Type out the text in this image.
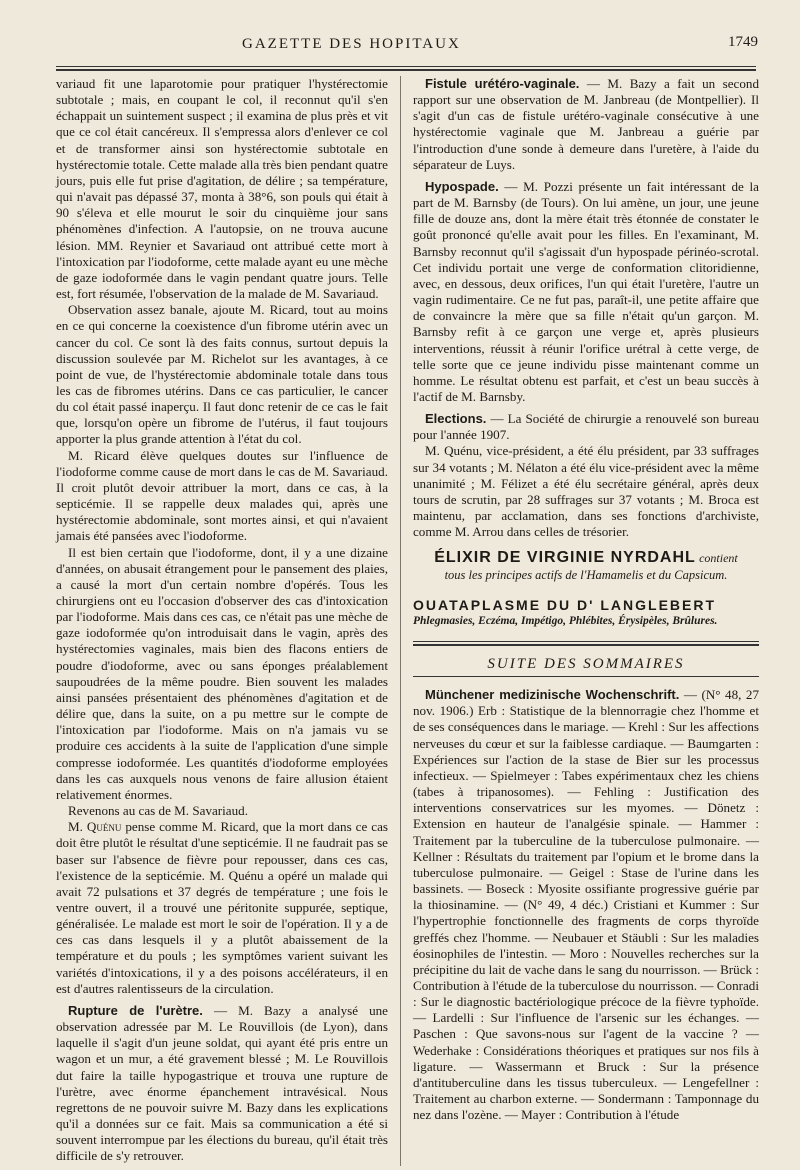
GAZETTE DES HOPITAUX	1749

variaud fit une laparotomie pour pratiquer l'hystérectomie subtotale ; mais, en coupant le col, il reconnut qu'il s'en échappait un suintement suspect ; il examina de plus près et vit que ce col était cancéreux. Il s'empressa alors d'enlever ce col et de transformer ainsi son hystérectomie subtotale en hystérectomie totale. Cette malade alla très bien pendant quatre jours, puis elle fut prise d'agitation, de délire ; sa température, qui n'avait pas dépassé 37, monta à 38°6, son pouls qui était à 90 s'éleva et elle mourut le soir du cinquième jour sans phénomènes d'infection. A l'autopsie, on ne trouva aucune lésion. MM. Reynier et Savariaud ont attribué cette mort à l'intoxication par l'iodoforme, cette malade ayant eu une mèche de gaze iodoformée dans le vagin pendant quatre jours. Telle est, fort résumée, l'observation de la malade de M. Savariaud.

Observation assez banale, ajoute M. Ricard, tout au moins en ce qui concerne la coexistence d'un fibrome utérin avec un cancer du col. Ce sont là des faits connus, surtout depuis la discussion soulevée par M. Richelot sur les avantages, à ce point de vue, de l'hystérectomie abdominale totale dans tous les cas de fibromes utérins. Dans ce cas particulier, le cancer du col était passé inaperçu. Il faut donc retenir de ce cas le fait que, lorsqu'on opère un fibrome de l'utérus, il faut toujours apporter la plus grande attention à l'état du col.

M. Ricard élève quelques doutes sur l'influence de l'iodoforme comme cause de mort dans le cas de M. Savariaud. Il croit plutôt devoir attribuer la mort, dans ce cas, à la septicémie. Il se rappelle deux malades qui, après une hystérectomie abdominale, sont mortes ainsi, et qui n'avaient jamais été pansées avec l'iodoforme.

Il est bien certain que l'iodoforme, dont, il y a une dizaine d'années, on abusait étrangement pour le pansement des plaies, a causé la mort d'un certain nombre d'opérés. Tous les chirurgiens ont eu l'occasion d'observer des cas d'intoxication par l'iodoforme. Mais dans ces cas, ce n'était pas une mèche de gaze iodoformée qu'on introduisait dans le vagin, après des hystérectomies vaginales, mais bien des flacons entiers de poudre d'iodoforme, avec ou sans éponges préalablement saupoudrées de la même poudre. Bien souvent les malades ainsi pansées présentaient des phénomènes d'agitation et de délire que, dans la suite, on a pu mettre sur le compte de l'intoxication par l'iodoforme. Mais on n'a jamais vu se produire ces accidents à la suite de l'application d'une simple compresse iodoformée. Les quantités d'iodoforme employées dans les cas auxquels nous venons de faire allusion étaient relativement énormes.

Revenons au cas de M. Savariaud.

M. Quénu pense comme M. Ricard, que la mort dans ce cas doit être plutôt le résultat d'une septicémie. Il ne faudrait pas se baser sur l'absence de fièvre pour repousser, dans ces cas, l'existence de la septicémie. M. Quénu a opéré un malade qui avait 72 pulsations et 37 degrés de température ; une fois le ventre ouvert, il a trouvé une péritonite suppurée, septique, généralisée. Le malade est mort le soir de l'opération. Il y a de ces cas dans lesquels il y a plutôt abaissement de la température et du pouls ; les symptômes varient suivant les variétés d'intoxications, il y a des poisons accélérateurs, il en est d'autres ralentisseurs de la circulation.

Rupture de l'urètre. — M. Bazy a analysé une observation adressée par M. Le Rouvillois (de Lyon), dans laquelle il s'agit d'un jeune soldat, qui ayant été pris entre un wagon et un mur, a été gravement blessé ; M. Le Rouvillois dut faire la taille hypogastrique et trouva une rupture de l'urètre, avec énorme épanchement intravésical. Nous regrettons de ne pouvoir suivre M. Bazy dans les explications qu'il a données sur ce fait. Mais sa communication a été si souvent interrompue par les élections du bureau, qu'il était très difficile de s'y retrouver.

Fistule urétéro-vaginale. — M. Bazy a fait un second rapport sur une observation de M. Janbreau (de Montpellier). Il s'agit d'un cas de fistule urétéro-vaginale consécutive à une hystérectomie vaginale que M. Janbreau a guérie par l'introduction d'une sonde à demeure dans l'uretère, à l'aide du séparateur de Luys.

Hypospade. — M. Pozzi présente un fait intéressant de la part de M. Barnsby (de Tours). On lui amène, un jour, une jeune fille de douze ans, dont la mère était très étonnée de constater le goût prononcé qu'elle avait pour les filles. En l'examinant, M. Barnsby reconnut qu'il s'agissait d'un hypospade périnéo-scrotal. Cet individu portait une verge de conformation clitoridienne, avec, en dessous, deux orifices, l'un qui était l'uretère, l'autre un vagin rudimentaire. Ce ne fut pas, paraît-il, une petite affaire que de convaincre la mère que sa fille n'était qu'un garçon. M. Barnsby refit à ce garçon une verge et, après plusieurs interventions, réussit à réunir l'orifice urétral à cette verge, de telle sorte que ce jeune individu pisse maintenant comme un homme. Le résultat obtenu est parfait, et c'est un beau succès à l'actif de M. Barnsby.

Elections. — La Société de chirurgie a renouvelé son bureau pour l'année 1907.

M. Quénu, vice-président, a été élu président, par 33 suffrages sur 34 votants ; M. Nélaton a été élu vice-président avec la même unanimité ; M. Félizet a été élu secrétaire général, après deux tours de scrutin, par 28 suffrages sur 37 votants ; M. Broca est maintenu, par acclamation, dans ses fonctions d'archiviste, comme M. Arrou dans celles de trésorier.

ÉLIXIR DE VIRGINIE NYRDAHL contient
tous les principes actifs de l'Hamamelis et du Capsicum.
OUATAPLASME DU D' LANGLEBERT
Phlegmasies, Eczéma, Impétigo, Phlébites, Érysipèles, Brûlures.
SUITE DES SOMMAIRES

Münchener medizinische Wochenschrift. — (N° 48, 27 nov. 1906.) Erb : Statistique de la blennorragie chez l'homme et de ses conséquences dans le mariage. — Krehl : Sur les affections nerveuses du cœur et sur la faiblesse cardiaque. — Baumgarten : Expériences sur l'action de la stase de Bier sur les processus infectieux. — Spielmeyer : Tabes expérimentaux chez les chiens (tabes à tripanosomes). — Fehling : Justification des interventions conservatrices sur les myomes. — Dönetz : Extension en hauteur de l'analgésie spinale. — Hammer : Traitement par la tuberculine de la tuberculose pulmonaire. — Kellner : Résultats du traitement par l'opium et le brome dans la tuberculose pulmonaire. — Geigel : Stase de l'urine dans les bassinets. — Boseck : Myosite ossifiante progressive guérie par la thiosinamine. — (N° 49, 4 déc.) Cristiani et Kummer : Sur l'hypertrophie fonctionnelle des fragments de corps thyroïde greffés chez l'homme. — Neubauer et Stäubli : Sur les maladies éosinophiles de l'intestin. — Moro : Nouvelles recherches sur la précipitine du lait de vache dans le sang du nourrisson. — Brück : Contribution à l'étude de la tuberculose du nourrisson. — Conradi : Sur le diagnostic bactériologique précoce de la fièvre typhoïde. — Lardelli : Sur l'influence de l'arsenic sur les échanges. — Paschen : Que savons-nous sur l'agent de la vaccine ? — Wederhake : Considérations théoriques et pratiques sur nos fils à ligature. — Wassermann et Bruck : Sur la présence d'antituberculine dans les tissus tuberculeux. — Lengefellner : Traitement au charbon externe. — Sondermann : Tamponnage du nez dans l'ozène. — Mayer : Contribution à l'étude
